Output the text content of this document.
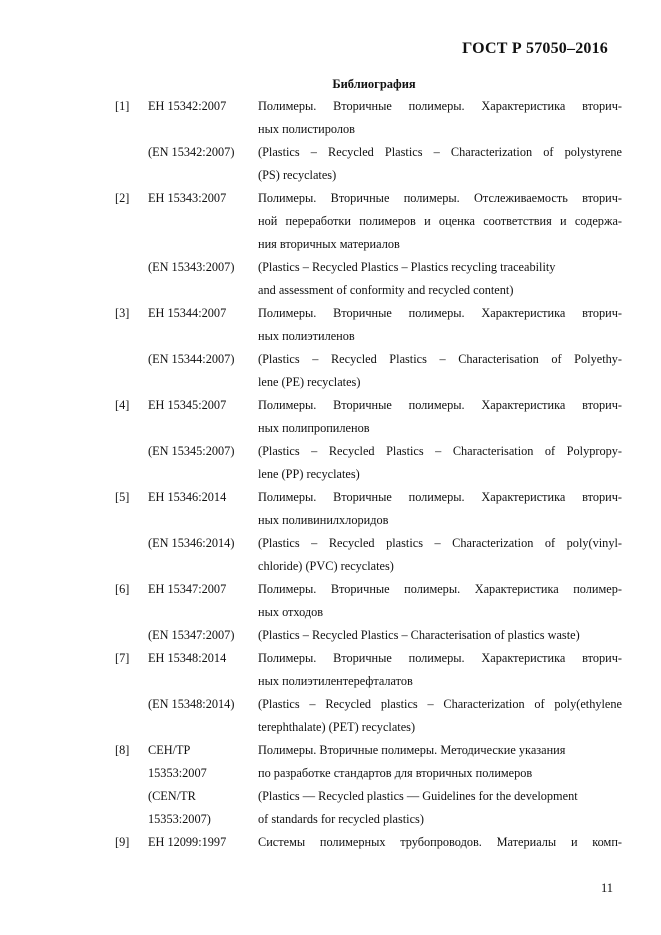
ГОСТ Р 57050–2016
Библиография
[1] ЕН 15342:2007	Полимеры. Вторичные полимеры. Характеристика вторич-
ных полистиролов
(EN 15342:2007) (Plastics – Recycled Plastics – Characterization of polystyrene
(PS) recyclates)
[2] ЕН 15343:2007	Полимеры. Вторичные полимеры. Отслеживаемость вторич-
ной переработки полимеров и оценка соответствия и содержа-
ния вторичных материалов
(EN 15343:2007) (Plastics – Recycled Plastics – Plastics recycling traceability
and assessment of conformity and recycled content)
[3] ЕН 15344:2007	Полимеры. Вторичные полимеры. Характеристика вторич-
ных полиэтиленов
(EN 15344:2007) (Plastics – Recycled Plastics – Characterisation of Polyethy-
lene (PE) recyclates)
[4] ЕН 15345:2007	Полимеры. Вторичные полимеры. Характеристика вторич-
ных полипропиленов
(EN 15345:2007) (Plastics – Recycled Plastics – Characterisation of Polypropy-
lene (PP) recyclates)
[5] ЕН 15346:2014	Полимеры. Вторичные полимеры. Характеристика вторич-
ных поливинилхлоридов
(EN 15346:2014) (Plastics – Recycled plastics – Characterization of poly(vinyl-
chloride) (PVC) recyclates)
[6] ЕН 15347:2007	Полимеры. Вторичные полимеры. Характеристика полимер-
ных отходов
(EN 15347:2007) (Plastics – Recycled Plastics – Characterisation of plastics waste)
[7] ЕН 15348:2014	Полимеры. Вторичные полимеры. Характеристика вторич-
ных полиэтилентерефталатов
(EN 15348:2014) (Plastics – Recycled plastics – Characterization of poly(ethylene
terephthalate) (PET) recyclates)
[8] СЕН/ТР	Полимеры. Вторичные полимеры. Методические указания
15353:2007	по разработке стандартов для вторичных полимеров
(CEN/TR	(Plastics — Recycled plastics — Guidelines for the development
15353:2007)	of standards for recycled plastics)
[9] ЕН 12099:1997	Системы полимерных трубопроводов. Материалы и комп-
11
